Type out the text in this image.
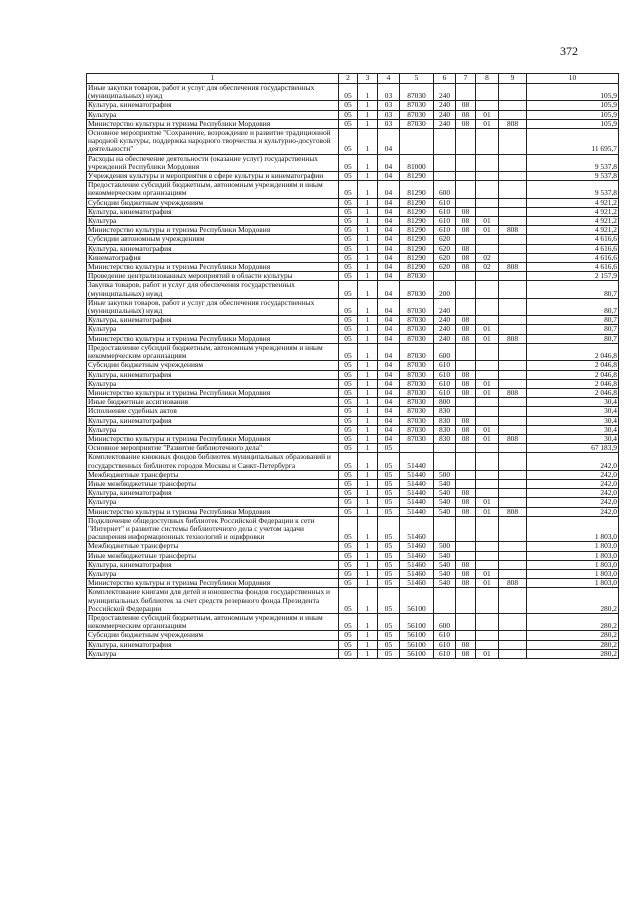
372
1	2	3	4	5	6	7	8	9	10
Иные закупки товаров, работ и услуг для обеспечения государственных (муниципальных) нужд	05	1	03	87030	240				105,9
Культура, кинематография	05	1	03	87030	240	08			105,9
Культура	05	1	03	87030	240	08	01		105,9
Министерство культуры и туризма Республики Мордовия	05	1	03	87030	240	08	01	808	105,9
Основное мероприятие "Сохранение, возрождение и развитие традиционной народной культуры, поддержка народного творчества и культурно-досуговой деятельности"	05	1	04						11 695,7
Расходы на обеспечение деятельности (оказание услуг) государственных учреждений Республики Мордовия	05	1	04	81000					9 537,8
Учреждения культуры и мероприятия в сфере культуры и кинематографии	05	1	04	81290					9 537,8
Предоставление субсидий бюджетным, автономным учреждениям и иным некоммерческим организациям	05	1	04	81290	600				9 537,8
Субсидии бюджетным учреждениям	05	1	04	81290	610				4 921,2
Культура, кинематография	05	1	04	81290	610	08			4 921,2
Культура	05	1	04	81290	610	08	01		4 921,2
Министерство культуры и туризма Республики Мордовия	05	1	04	81290	610	08	01	808	4 921,2
Субсидии автономным учреждениям	05	1	04	81290	620				4 616,6
Культура, кинематография	05	1	04	81290	620	08			4 616,6
Кинематография	05	1	04	81290	620	08	02		4 616,6
Министерство культуры и туризма Республики Мордовия	05	1	04	81290	620	08	02	808	4 616,6
Проведение централизованных мероприятий в области культуры	05	1	04	87030					2 157,9
Закупка товаров, работ и услуг для обеспечения государственных (муниципальных) нужд	05	1	04	87030	200				80,7
Иные закупки товаров, работ и услуг для обеспечения государственных (муниципальных) нужд	05	1	04	87030	240				80,7
Культура, кинематография	05	1	04	87030	240	08			80,7
Культура	05	1	04	87030	240	08	01		80,7
Министерство культуры и туризма Республики Мордовия	05	1	04	87030	240	08	01	808	80,7
Предоставление субсидий бюджетным, автономным учреждениям и иным некоммерческим организациям	05	1	04	87030	600				2 046,8
Субсидии бюджетным учреждениям	05	1	04	87030	610				2 046,8
Культура, кинематография	05	1	04	87030	610	08			2 046,8
Культура	05	1	04	87030	610	08	01		2 046,8
Министерство культуры и туризма Республики Мордовия	05	1	04	87030	610	08	01	808	2 046,8
Иные бюджетные ассигнования	05	1	04	87030	800				30,4
Исполнение судебных актов	05	1	04	87030	830				30,4
Культура, кинематография	05	1	04	87030	830	08			30,4
Культура	05	1	04	87030	830	08	01		30,4
Министерство культуры и туризма Республики Мордовия	05	1	04	87030	830	08	01	808	30,4
Основное мероприятие "Развитие библиотечного дела"	05	1	05						67 183,9
Комплектование книжных фондов библиотек муниципальных образований и государственных библиотек городов Москвы и Санкт-Петербурга	05	1	05	51440					242,0
Межбюджетные трансферты	05	1	05	51440	500				242,0
Иные межбюджетные трансферты	05	1	05	51440	540				242,0
Культура, кинематография	05	1	05	51440	540	08			242,0
Культура	05	1	05	51440	540	08	01		242,0
Министерство культуры и туризма Республики Мордовия	05	1	05	51440	540	08	01	808	242,0
Подключение общедоступных библиотек Российской Федерации к сети "Интернет" и развитие системы библиотечного дела с учетом задачи расширения информационных технологий и оцифровки	05	1	05	51460					1 803,0
Межбюджетные трансферты	05	1	05	51460	500				1 803,0
Иные межбюджетные трансферты	05	1	05	51460	540				1 803,0
Культура, кинематография	05	1	05	51460	540	08			1 803,0
Культура	05	1	05	51460	540	08	01		1 803,0
Министерство культуры и туризма Республики Мордовия	05	1	05	51460	540	08	01	808	1 803,0
Комплектование книгами для детей и юношества фондов государственных и муниципальных библиотек за счет средств резервного фонда Президента Российской Федерации	05	1	05	56100					280,2
Предоставление субсидий бюджетным, автономным учреждениям и иным некоммерческим организациям	05	1	05	56100	600				280,2
Субсидии бюджетным учреждениям	05	1	05	56100	610				280,2
Культура, кинематография	05	1	05	56100	610	08			280,2
Культура	05	1	05	56100	610	08	01		280,2
